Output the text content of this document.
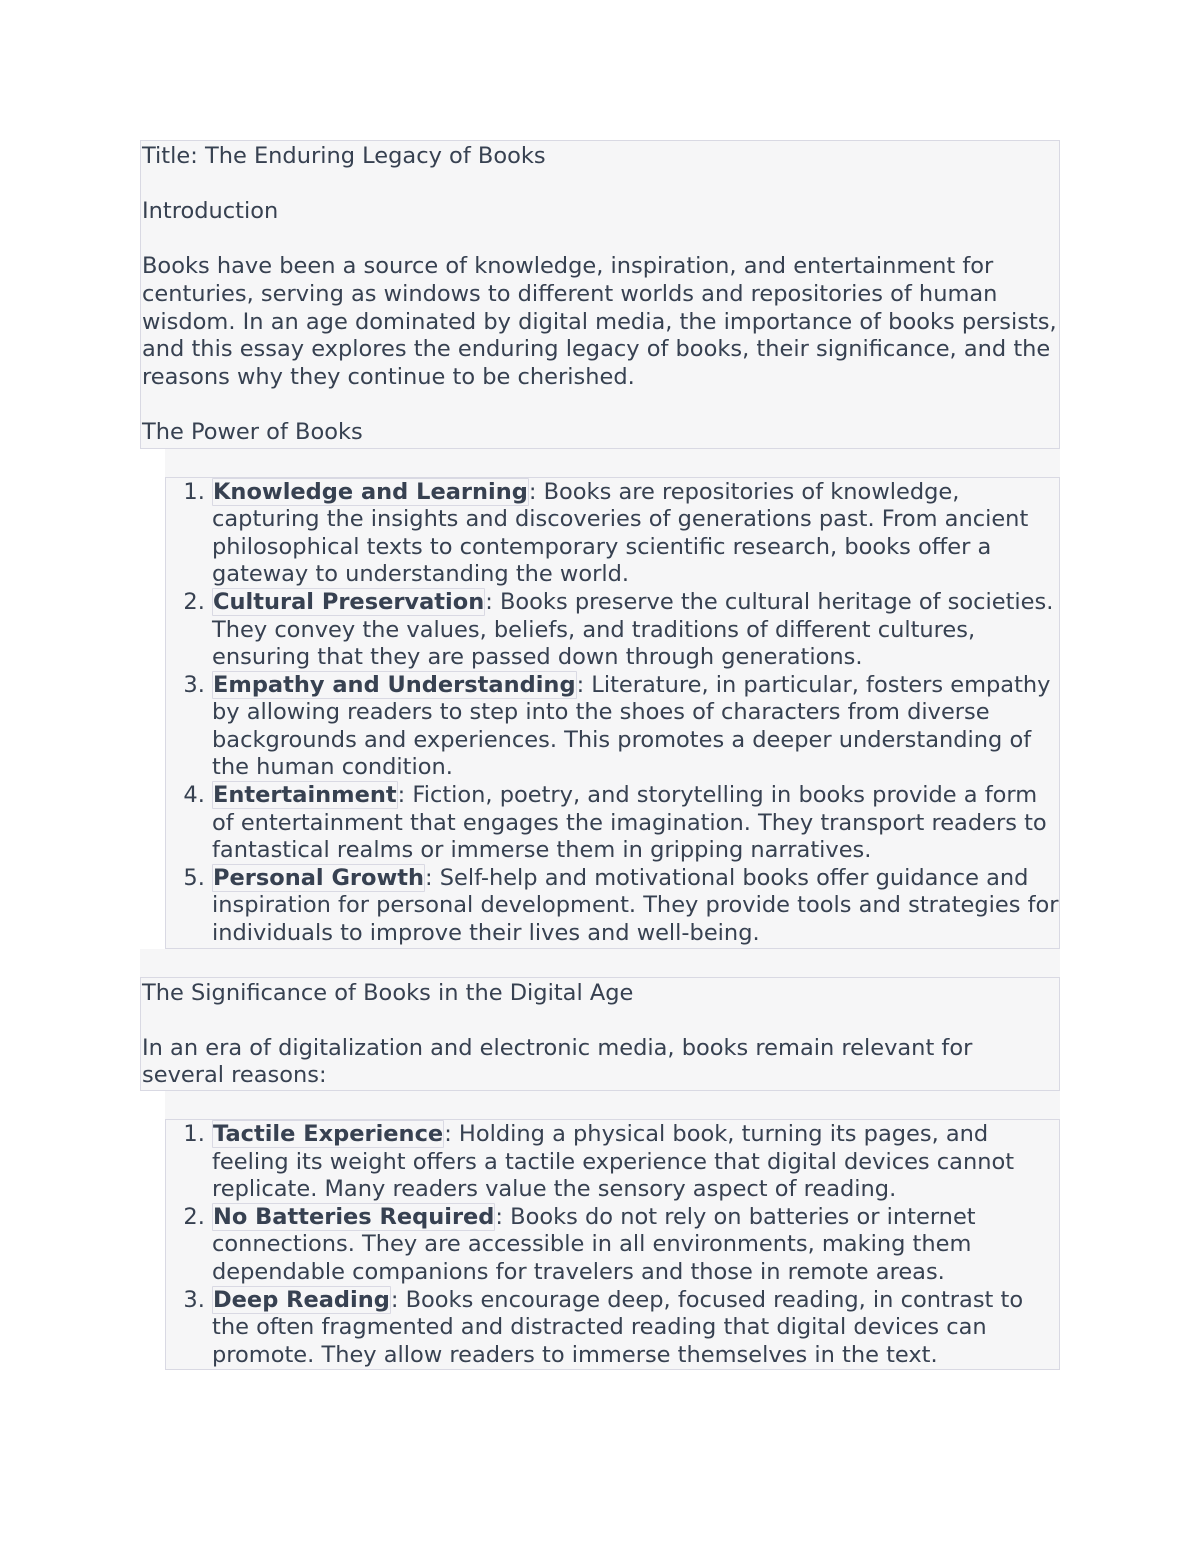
Title: The Enduring Legacy of Books

Introduction

Books have been a source of knowledge, inspiration, and entertainment for centuries, serving as windows to different worlds and repositories of human wisdom. In an age dominated by digital media, the importance of books persists, and this essay explores the enduring legacy of books, their significance, and the reasons why they continue to be cherished.

The Power of Books

1. Knowledge and Learning: Books are repositories of knowledge, capturing the insights and discoveries of generations past. From ancient philosophical texts to contemporary scientific research, books offer a gateway to understanding the world.
2. Cultural Preservation: Books preserve the cultural heritage of societies. They convey the values, beliefs, and traditions of different cultures, ensuring that they are passed down through generations.
3. Empathy and Understanding: Literature, in particular, fosters empathy by allowing readers to step into the shoes of characters from diverse backgrounds and experiences. This promotes a deeper understanding of the human condition.
4. Entertainment: Fiction, poetry, and storytelling in books provide a form of entertainment that engages the imagination. They transport readers to fantastical realms or immerse them in gripping narratives.
5. Personal Growth: Self-help and motivational books offer guidance and inspiration for personal development. They provide tools and strategies for individuals to improve their lives and well-being.

The Significance of Books in the Digital Age

In an era of digitalization and electronic media, books remain relevant for several reasons:

1. Tactile Experience: Holding a physical book, turning its pages, and feeling its weight offers a tactile experience that digital devices cannot replicate. Many readers value the sensory aspect of reading.
2. No Batteries Required: Books do not rely on batteries or internet connections. They are accessible in all environments, making them dependable companions for travelers and those in remote areas.
3. Deep Reading: Books encourage deep, focused reading, in contrast to the often fragmented and distracted reading that digital devices can promote. They allow readers to immerse themselves in the text.
